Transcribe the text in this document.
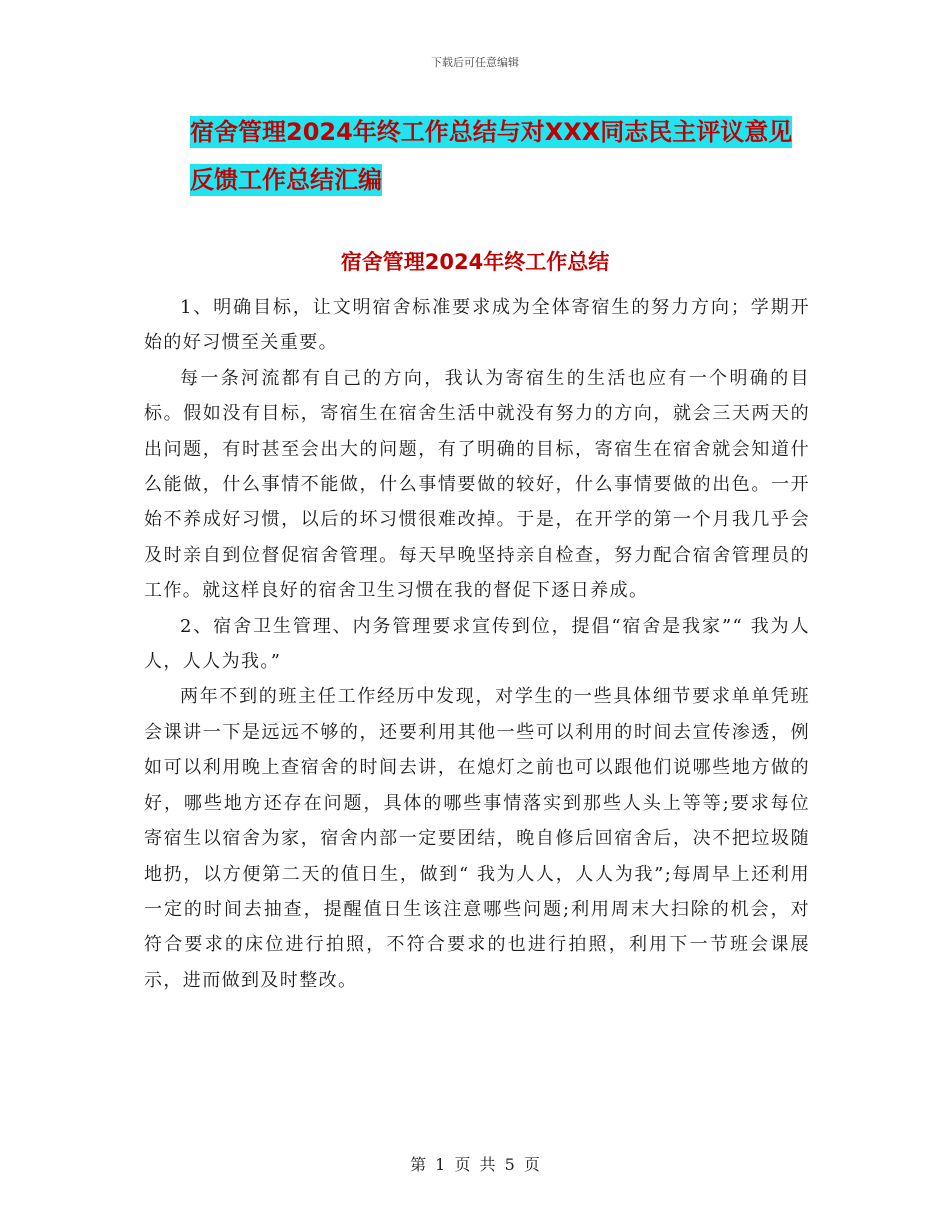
下载后可任意编辑
宿舍管理2024年终工作总结与对XXX同志民主评议意见反馈工作总结汇编
宿舍管理2024年终工作总结

1、明确目标，让文明宿舍标准要求成为全体寄宿生的努力方向；学期开始的好习惯至关重要。

每一条河流都有自己的方向，我认为寄宿生的生活也应有一个明确的目标。假如没有目标，寄宿生在宿舍生活中就没有努力的方向，就会三天两天的出问题，有时甚至会出大的问题，有了明确的目标，寄宿生在宿舍就会知道什么能做，什么事情不能做，什么事情要做的较好，什么事情要做的出色。一开始不养成好习惯，以后的坏习惯很难改掉。于是，在开学的第一个月我几乎会及时亲自到位督促宿舍管理。每天早晚坚持亲自检查，努力配合宿舍管理员的工作。就这样良好的宿舍卫生习惯在我的督促下逐日养成。

2、宿舍卫生管理、内务管理要求宣传到位，提倡“宿舍是我家”“ 我为人人，人人为我。”

两年不到的班主任工作经历中发现，对学生的一些具体细节要求单单凭班会课讲一下是远远不够的，还要利用其他一些可以利用的时间去宣传渗透，例如可以利用晚上查宿舍的时间去讲，在熄灯之前也可以跟他们说哪些地方做的好，哪些地方还存在问题，具体的哪些事情落实到那些人头上等等;要求每位寄宿生以宿舍为家，宿舍内部一定要团结，晚自修后回宿舍后，决不把垃圾随地扔，以方便第二天的值日生，做到“ 我为人人，人人为我”;每周早上还利用一定的时间去抽查，提醒值日生该注意哪些问题;利用周末大扫除的机会，对符合要求的床位进行拍照，不符合要求的也进行拍照，利用下一节班会课展示，进而做到及时整改。

第 1 页 共 5 页
